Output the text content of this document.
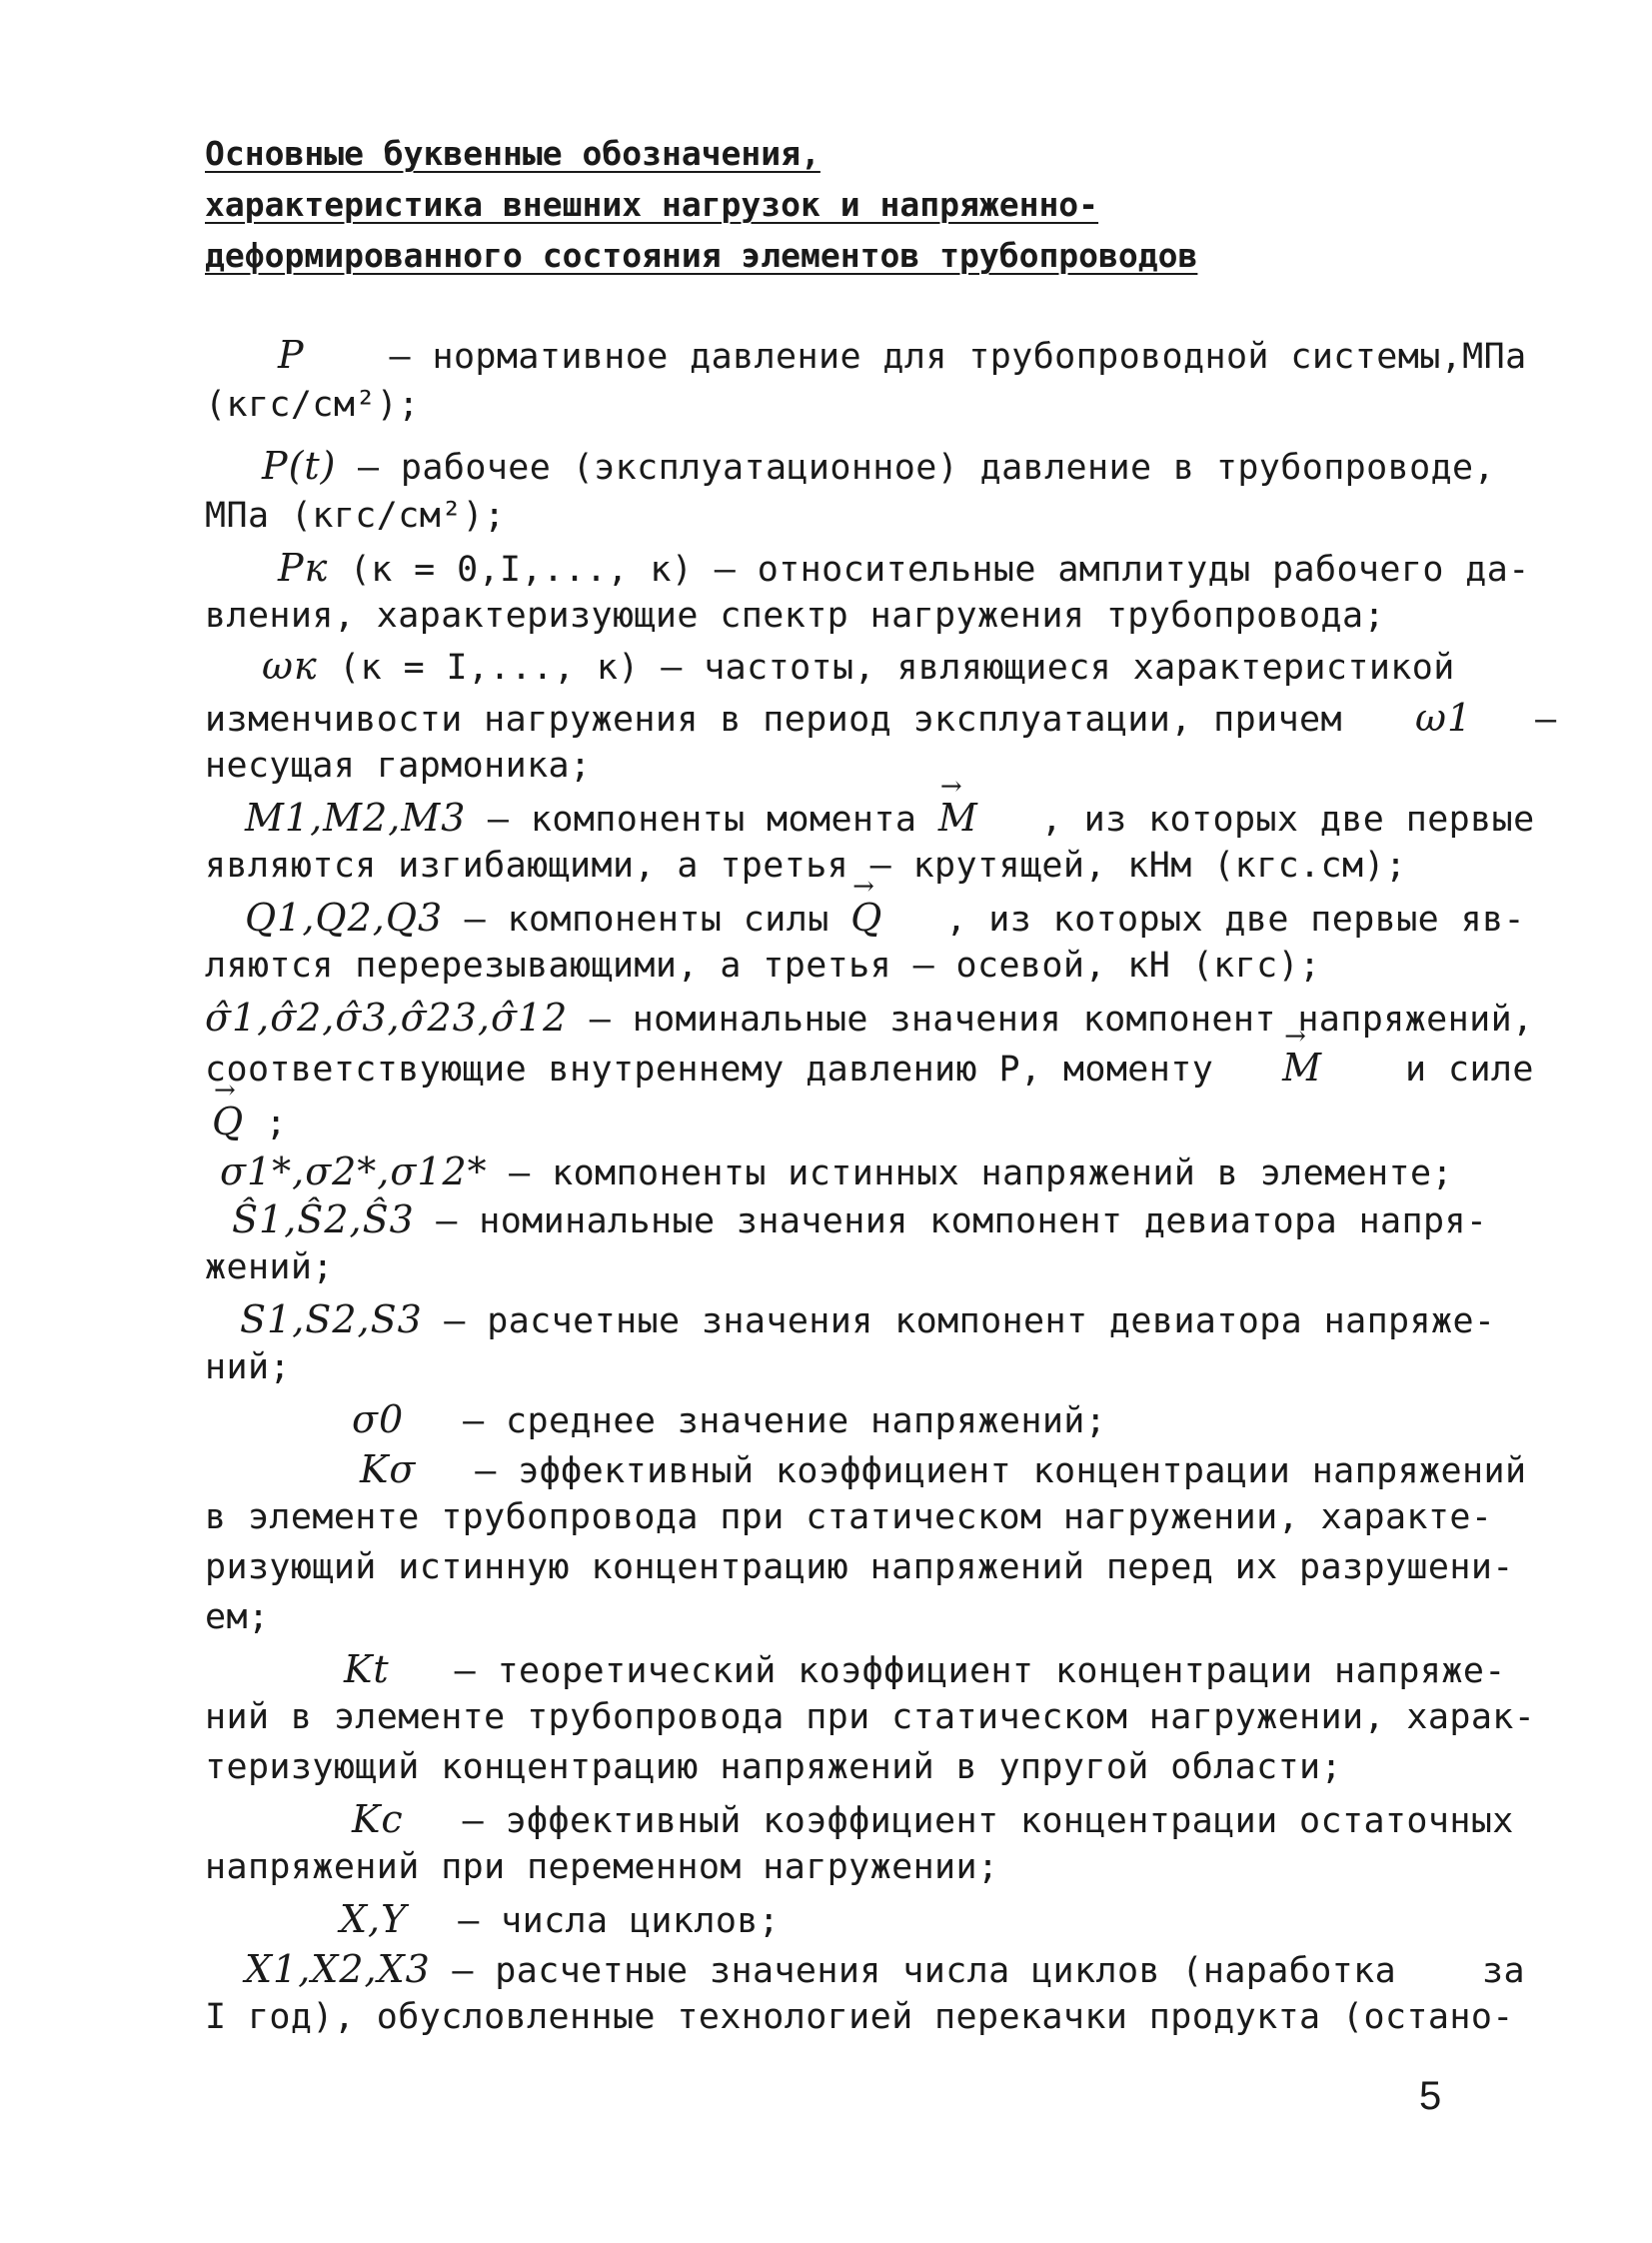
Основные буквенные обозначения,
характеристика внешних нагрузок и напряженно-
деформированного состояния элементов трубопроводов
P – нормативное давление для трубопроводной системы,МПа
(кгс/см²);
P(t) – рабочее (эксплуатационное) давление в трубопроводе,
МПа (кгс/см²);
Pк (к = 0,I,..., к) – относительные амплитуды рабочего да-
вления, характеризующие спектр нагружения трубопровода;
ωк (к = I,..., к) – частоты, являющиеся характеристикой
изменчивости нагружения в период эксплуатации, причем ω1 –
несущая гармоника;
M1,M2,M3 – компоненты момента → M , из которых две первые
являются изгибающими, а третья – крутящей, кНм (кгс.см);
Q1,Q2,Q3 – компоненты силы → Q , из которых две первые яв-
ляются перерезывающими, а третья – осевой, кН (кгс);
σ̂1,σ̂2,σ̂3,σ̂23,σ̂12 – номинальные значения компонент напряжений,
соответствующие внутреннему давлению Р, моменту → M и силе
→ Q ;
σ1*,σ2*,σ12* – компоненты истинных напряжений в элементе;
Ŝ1,Ŝ2,Ŝ3 – номинальные значения компонент девиатора напря-
жений;
S1,S2,S3 – расчетные значения компонент девиатора напряже-
ний;
σ0 – среднее значение напряжений;
Kσ – эффективный коэффициент концентрации напряжений
в элементе трубопровода при статическом нагружении, характе-
ризующий истинную концентрацию напряжений перед их разрушени-
ем;
Kt – теоретический коэффициент концентрации напряже-
ний в элементе трубопровода при статическом нагружении, харак-
теризующий концентрацию напряжений в упругой области;
Kc – эффективный коэффициент концентрации остаточных
напряжений при переменном нагружении;
X,Y – числа циклов;
X1,X2,X3 – расчетные значения числа циклов (наработка    за
I год), обусловленные технологией перекачки продукта (остано-
5
